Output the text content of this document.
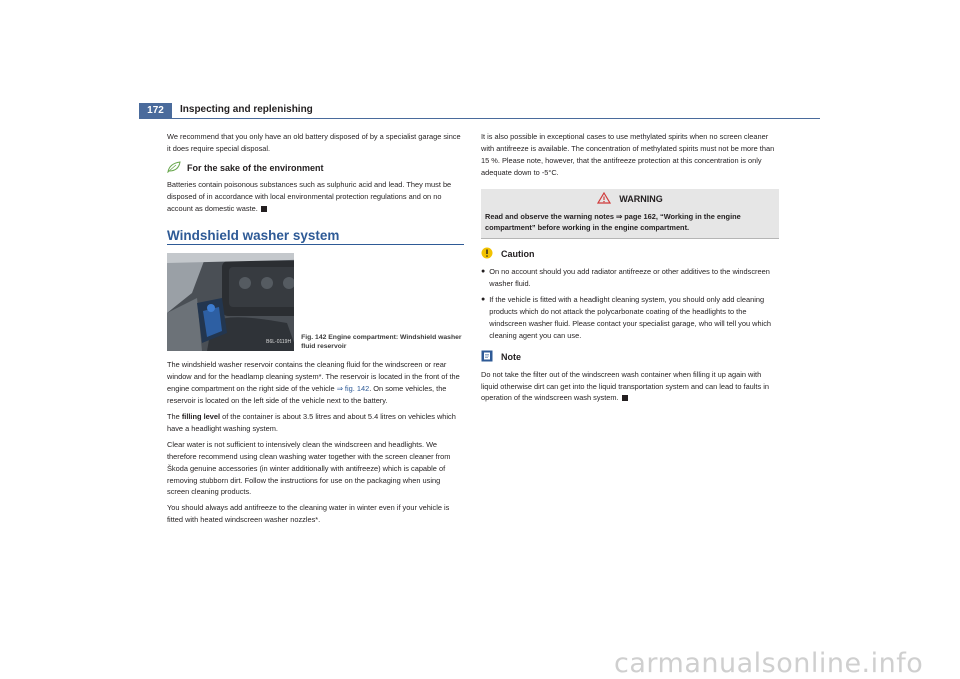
172	Inspecting and replenishing

We recommend that you only have an old battery disposed of by a specialist garage since it does require special disposal.

For the sake of the environment

Batteries contain poisonous substances such as sulphuric acid and lead. They must be disposed of in accordance with local environmental protection regulations and on no account as domestic waste.

Windshield washer system
B6L-0119H
Fig. 142 Engine compartment: Windshield washer fluid reservoir

The windshield washer reservoir contains the cleaning fluid for the windscreen or rear window and for the headlamp cleaning system*. The reservoir is located in the front of the engine compartment on the right side of the vehicle ⇒ fig. 142. On some vehicles, the reservoir is located on the left side of the vehicle next to the battery.

The filling level of the container is about 3.5 litres and about 5.4 litres on vehicles which have a headlight washing system.

Clear water is not sufficient to intensively clean the windscreen and headlights. We therefore recommend using clean washing water together with the screen cleaner from Škoda genuine accessories (in winter additionally with antifreeze) which is capable of removing stubborn dirt. Follow the instructions for use on the packaging when using screen cleaning products.

You should always add antifreeze to the cleaning water in winter even if your vehicle is fitted with heated windscreen washer nozzles*.

It is also possible in exceptional cases to use methylated spirits when no screen cleaner with antifreeze is available. The concentration of methylated spirits must not be more than 15 %. Please note, however, that the antifreeze protection at this concentration is only adequate down to -5°C.

WARNING
Read and observe the warning notes ⇒ page 162, “Working in the engine compartment” before working in the engine compartment.
Caution

● On no account should you add radiator antifreeze or other additives to the windscreen washer fluid.

● If the vehicle is fitted with a headlight cleaning system, you should only add cleaning products which do not attack the polycarbonate coating of the headlights to the windscreen washer fluid. Please contact your specialist garage, who will tell you which cleaning agent you can use.

Note

Do not take the filter out of the windscreen wash container when filling it up again with liquid otherwise dirt can get into the liquid transportation system and can lead to faults in operation of the windscreen wash system.

carmanualsonline.info
